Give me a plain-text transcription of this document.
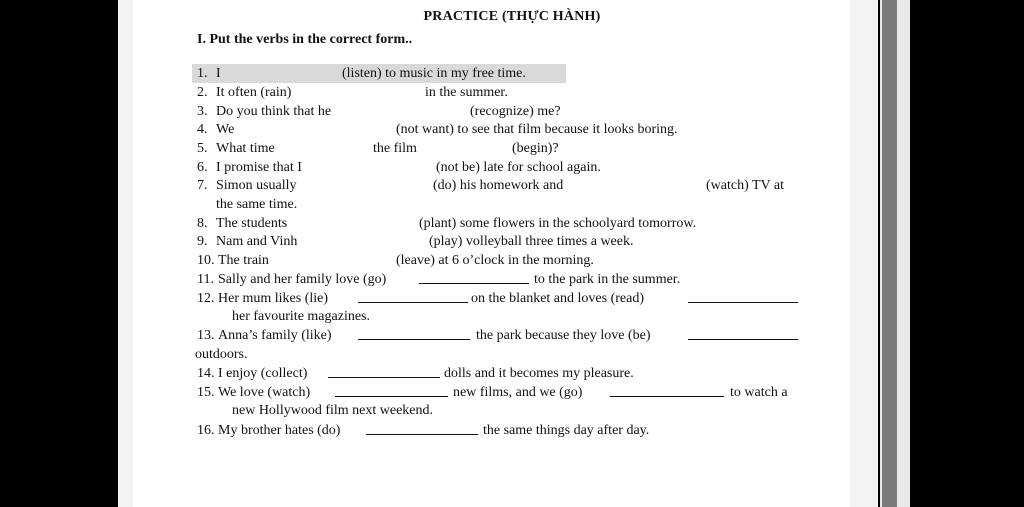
PRACTICE (THỰC HÀNH)
I. Put the verbs in the correct form..
1. I	(listen) to music in my free time.
2. It often (rain)	in the summer.
3. Do you think that he	(recognize) me?
4. We	(not want) to see that film because it looks boring.
5. What time	the film	(begin)?
6. I promise that I	(not be) late for school again.
7. Simon usually	(do) his homework and	(watch) TV at
the same time.
8. The students	(plant) some flowers in the schoolyard tomorrow.
9. Nam and Vinh	(play) volleyball three times a week.
10. The train	(leave) at 6 o’clock in the morning.
11. Sally and her family love (go)	to the park in the summer.
12. Her mum likes (lie)	on the blanket and loves (read)
her favourite magazines.
13. Anna’s family (like)	the park because they love (be)
outdoors.
14. I enjoy (collect)	dolls and it becomes my pleasure.
15. We love (watch)	new films, and we (go)	to watch a
new Hollywood film next weekend.
16. My brother hates (do)	the same things day after day.
